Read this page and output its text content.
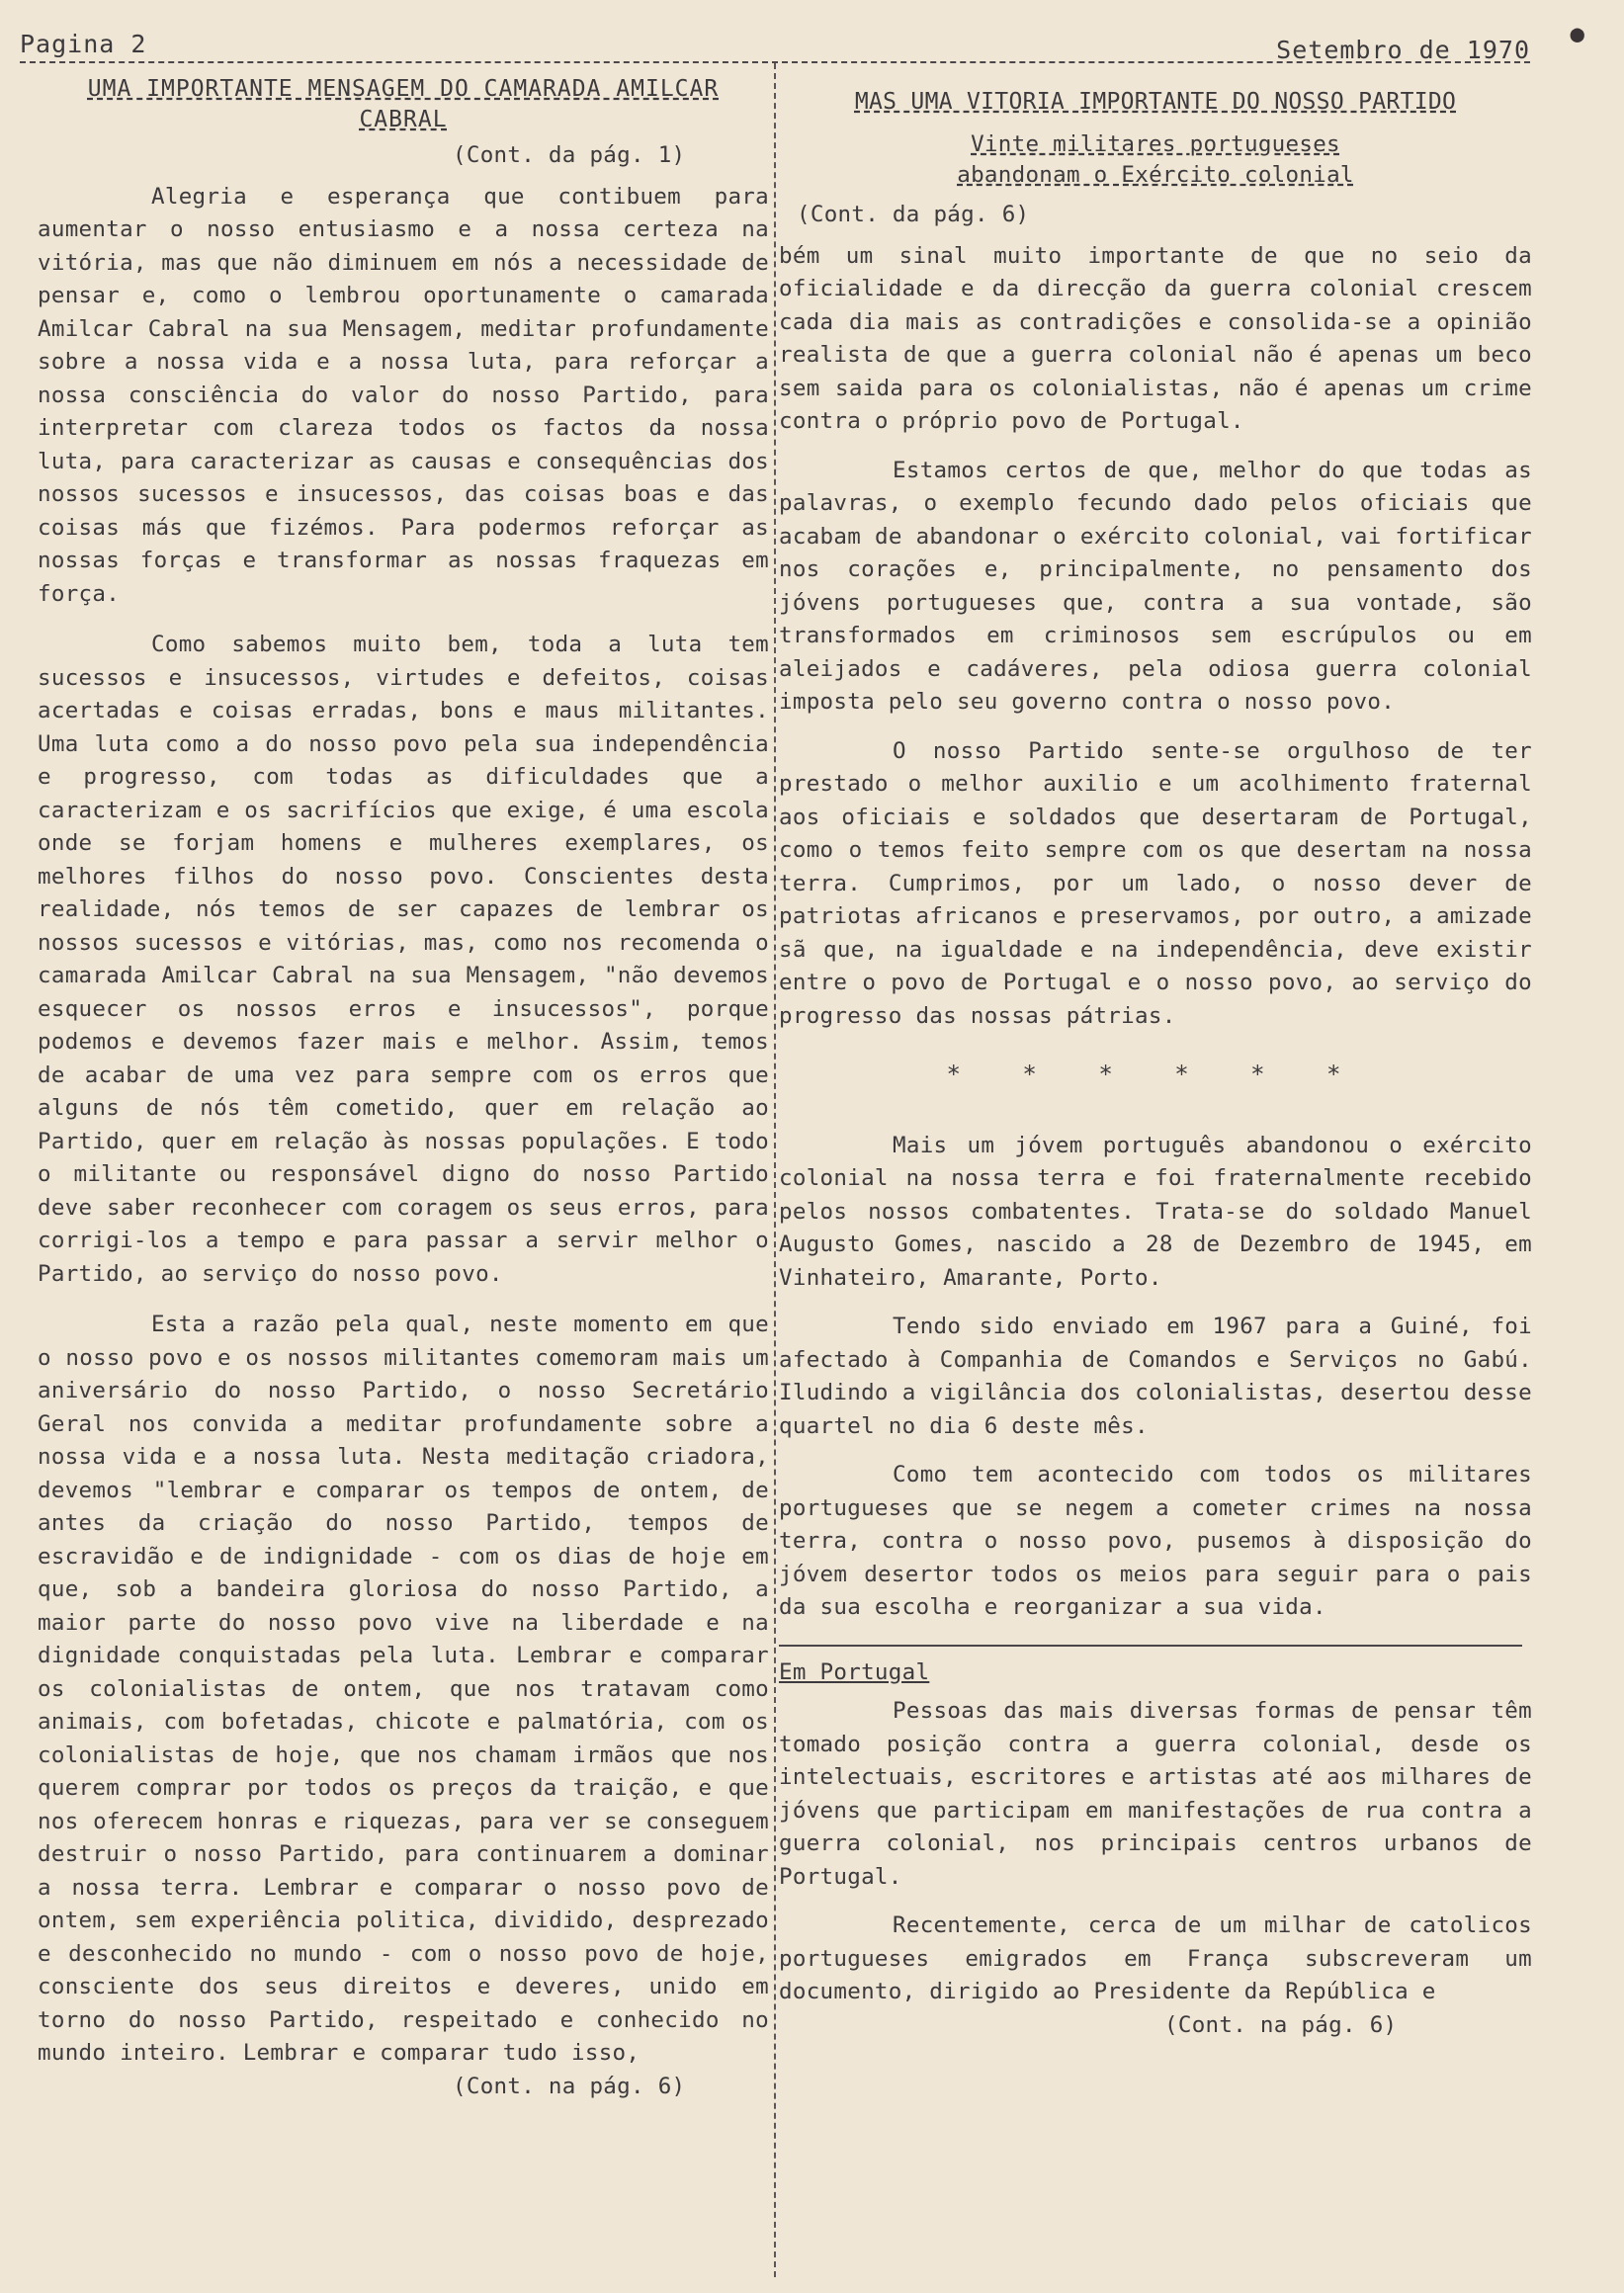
Pagina 2	Setembro de 1970
●
UMA IMPORTANTE MENSAGEM DO CAMARADA AMILCAR CABRAL
(Cont. da pág. 1)

Alegria e esperança que contibuem para aumentar o nosso entusiasmo e a nossa certeza na vitória, mas que não diminuem em nós a necessidade de pensar e, como o lembrou oportunamente o camarada Amilcar Cabral na sua Mensagem, meditar profundamente sobre a nossa vida e a nossa luta, para reforçar a nossa consciência do valor do nosso Partido, para interpretar com clareza todos os factos da nossa luta, para caracterizar as causas e consequências dos nossos sucessos e insucessos, das coisas boas e das coisas más que fizémos. Para podermos reforçar as nossas forças e transformar as nossas fraquezas em força.

Como sabemos muito bem, toda a luta tem sucessos e insucessos, virtudes e defeitos, coisas acertadas e coisas erradas, bons e maus militantes. Uma luta como a do nosso povo pela sua independência e progresso, com todas as dificuldades que a caracterizam e os sacrifícios que exige, é uma escola onde se forjam homens e mulheres exemplares, os melhores filhos do nosso povo. Conscientes desta realidade, nós temos de ser capazes de lembrar os nossos sucessos e vitórias, mas, como nos recomenda o camarada Amilcar Cabral na sua Mensagem, "não devemos esquecer os nossos erros e insucessos", porque podemos e devemos fazer mais e melhor. Assim, temos de acabar de uma vez para sempre com os erros que alguns de nós têm cometido, quer em relação ao Partido, quer em relação às nossas populações. E todo o militante ou responsável digno do nosso Partido deve saber reconhecer com coragem os seus erros, para corrigi-los a tempo e para passar a servir melhor o Partido, ao serviço do nosso povo.

Esta a razão pela qual, neste momento em que o nosso povo e os nossos militantes comemoram mais um aniversário do nosso Partido, o nosso Secretário Geral nos convida a meditar profundamente sobre a nossa vida e a nossa luta. Nesta meditação criadora, devemos "lembrar e comparar os tempos de ontem, de antes da criação do nosso Partido, tempos de escravidão e de indignidade - com os dias de hoje em que, sob a bandeira gloriosa do nosso Partido, a maior parte do nosso povo vive na liberdade e na dignidade conquistadas pela luta. Lembrar e comparar os colonialistas de ontem, que nos tratavam como animais, com bofetadas, chicote e palmatória, com os colonialistas de hoje, que nos chamam irmãos que nos querem comprar por todos os preços da traição, e que nos oferecem honras e riquezas, para ver se conseguem destruir o nosso Partido, para continuarem a dominar a nossa terra. Lembrar e comparar o nosso povo de ontem, sem experiência politica, dividido, desprezado e desconhecido no mundo - com o nosso povo de hoje, consciente dos seus direitos e deveres, unido em torno do nosso Partido, respeitado e conhecido no mundo inteiro. Lembrar e comparar tudo isso,

(Cont. na pág. 6)
MAS UMA VITORIA IMPORTANTE DO NOSSO PARTIDO
Vinte militares portugueses
abandonam o Exército colonial
(Cont. da pág. 6)

bém um sinal muito importante de que no seio da oficialidade e da direcção da guerra colonial crescem cada dia mais as contradições e consolida-se a opinião realista de que a guerra colonial não é apenas um beco sem saida para os colonialistas, não é apenas um crime contra o próprio povo de Portugal.

Estamos certos de que, melhor do que todas as palavras, o exemplo fecundo dado pelos oficiais que acabam de abandonar o exército colonial, vai fortificar nos corações e, principalmente, no pensamento dos jóvens portugueses que, contra a sua vontade, são transformados em criminosos sem escrúpulos ou em aleijados e cadáveres, pela odiosa guerra colonial imposta pelo seu governo contra o nosso povo.

O nosso Partido sente-se orgulhoso de ter prestado o melhor auxilio e um acolhimento fraternal aos oficiais e soldados que desertaram de Portugal, como o temos feito sempre com os que desertam na nossa terra. Cumprimos, por um lado, o nosso dever de patriotas africanos e preservamos, por outro, a amizade sã que, na igualdade e na independência, deve existir entre o povo de Portugal e o nosso povo, ao serviço do progresso das nossas pátrias.

* * * * * *

Mais um jóvem português abandonou o exército colonial na nossa terra e foi fraternalmente recebido pelos nossos combatentes. Trata-se do soldado Manuel Augusto Gomes, nascido a 28 de Dezembro de 1945, em Vinhateiro, Amarante, Porto.

Tendo sido enviado em 1967 para a Guiné, foi afectado à Companhia de Comandos e Serviços no Gabú. Iludindo a vigilância dos colonialistas, desertou desse quartel no dia 6 deste mês.

Como tem acontecido com todos os militares portugueses que se negem a cometer crimes na nossa terra, contra o nosso povo, pusemos à disposição do jóvem desertor todos os meios para seguir para o pais da sua escolha e reorganizar a sua vida.

Em Portugal

Pessoas das mais diversas formas de pensar têm tomado posição contra a guerra colonial, desde os intelectuais, escritores e artistas até aos milhares de jóvens que participam em manifestações de rua contra a guerra colonial, nos principais centros urbanos de Portugal.

Recentemente, cerca de um milhar de catolicos portugueses emigrados em França subscreveram um documento, dirigido ao Presidente da República e

(Cont. na pág. 6)
